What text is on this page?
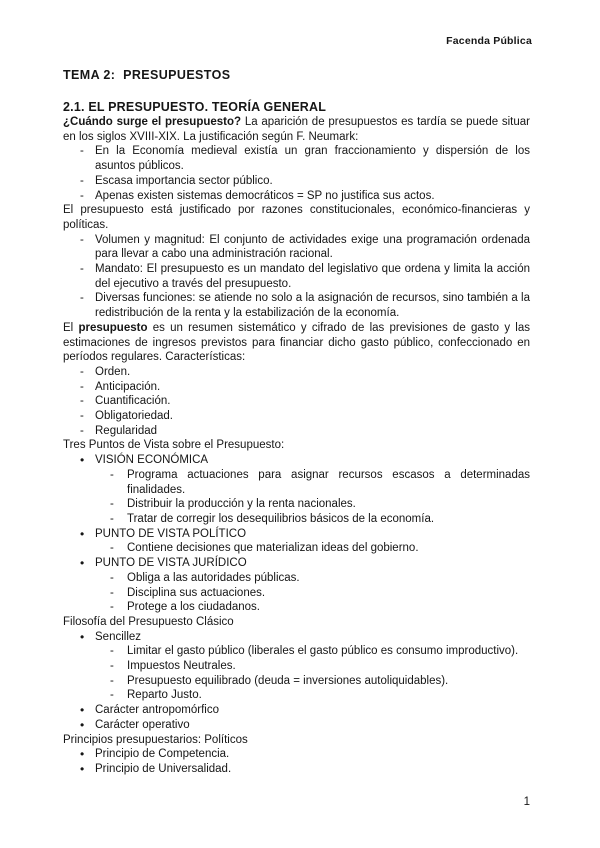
Facenda Pública
TEMA 2:  PRESUPUESTOS
2.1. EL PRESUPUESTO. TEORÍA GENERAL
¿Cuándo surge el presupuesto? La aparición de presupuestos es tardía se puede situar en los siglos XVIII-XIX. La justificación según F. Neumark:
- En la Economía medieval existía un gran fraccionamiento y dispersión de los asuntos públicos.
- Escasa importancia sector público.
- Apenas existen sistemas democráticos = SP no justifica sus actos.
El presupuesto está justificado por razones constitucionales, económico-financieras y políticas.
- Volumen y magnitud: El conjunto de actividades exige una programación ordenada para llevar a cabo una administración racional.
- Mandato: El presupuesto es un mandato del legislativo que ordena y limita la acción del ejecutivo a través del presupuesto.
- Diversas funciones: se atiende no solo a la asignación de recursos, sino también a la redistribución de la renta y la estabilización de la economía.
El presupuesto es un resumen sistemático y cifrado de las previsiones de gasto y las estimaciones de ingresos previstos para financiar dicho gasto público, confeccionado en períodos regulares. Características:
- Orden.
- Anticipación.
- Cuantificación.
- Obligatoriedad.
- Regularidad
Tres Puntos de Vista sobre el Presupuesto:
• VISIÓN ECONÓMICA
- Programa actuaciones para asignar recursos escasos a determinadas finalidades.
- Distribuir la producción y la renta nacionales.
- Tratar de corregir los desequilibrios básicos de la economía.
• PUNTO DE VISTA POLÍTICO
- Contiene decisiones que materializan ideas del gobierno.
• PUNTO DE VISTA JURÍDICO
- Obliga a las autoridades públicas.
- Disciplina sus actuaciones.
- Protege a los ciudadanos.
Filosofía del Presupuesto Clásico
• Sencillez
- Limitar el gasto público (liberales el gasto público es consumo improductivo).
- Impuestos Neutrales.
- Presupuesto equilibrado (deuda = inversiones autoliquidables).
- Reparto Justo.
• Carácter antropomórfico
• Carácter operativo
Principios presupuestarios: Políticos
• Principio de Competencia.
• Principio de Universalidad.
1
